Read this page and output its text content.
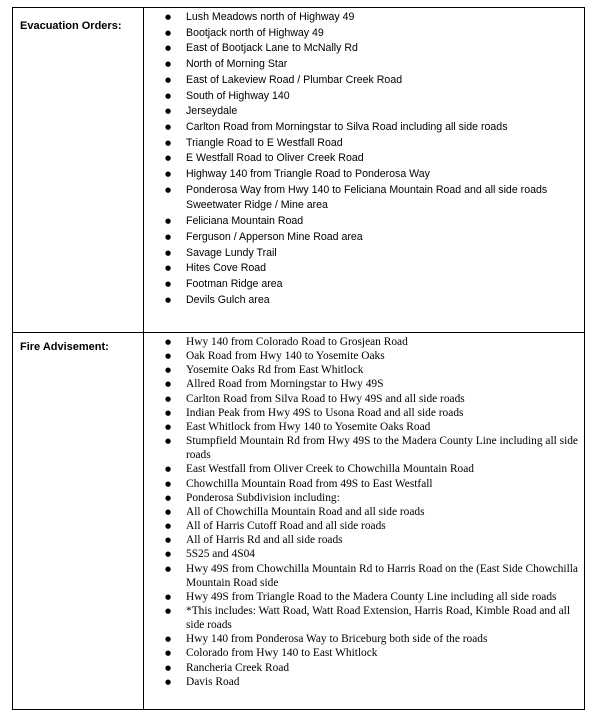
Evacuation Orders:
● Lush Meadows north of Highway 49
● Bootjack north of Highway 49
● East of Bootjack Lane to McNally Rd
● North of Morning Star
● East of Lakeview Road / Plumbar Creek Road
● South of Highway 140
● Jerseydale
● Carlton Road from Morningstar to Silva Road including all side roads
● Triangle Road to E Westfall Road
● E Westfall Road to Oliver Creek Road
● Highway 140 from Triangle Road to Ponderosa Way
● Ponderosa Way from Hwy 140 to Feliciana Mountain Road and all side roads Sweetwater Ridge / Mine area
● Feliciana Mountain Road
● Ferguson / Apperson Mine Road area
● Savage Lundy Trail
● Hites Cove Road
● Footman Ridge area
● Devils Gulch area
Fire Advisement:	● Hwy 140 from Colorado Road to Grosjean Road
● Oak Road from Hwy 140 to Yosemite Oaks
● Yosemite Oaks Rd from East Whitlock
● Allred Road from Morningstar to Hwy 49S
● Carlton Road from Silva Road to Hwy 49S and all side roads
● Indian Peak from Hwy 49S to Usona Road and all side roads
● East Whitlock from Hwy 140 to Yosemite Oaks Road
● Stumpfield Mountain Rd from Hwy 49S to the Madera County Line including all side roads
● East Westfall from Oliver Creek to Chowchilla Mountain Road
● Chowchilla Mountain Road from 49S to East Westfall
● Ponderosa Subdivision including:
● All of Chowchilla Mountain Road and all side roads
● All of Harris Cutoff Road and all side roads
● All of Harris Rd and all side roads
● 5S25 and 4S04
● Hwy 49S from Chowchilla Mountain Rd to Harris Road on the (East Side Chowchilla Mountain Road side
● Hwy 49S from Triangle Road to the Madera County Line including all side roads
● *This includes: Watt Road, Watt Road Extension, Harris Road, Kimble Road and all side roads
● Hwy 140 from Ponderosa Way to Briceburg both side of the roads
● Colorado from Hwy 140 to East Whitlock
● Rancheria Creek Road
● Davis Road
